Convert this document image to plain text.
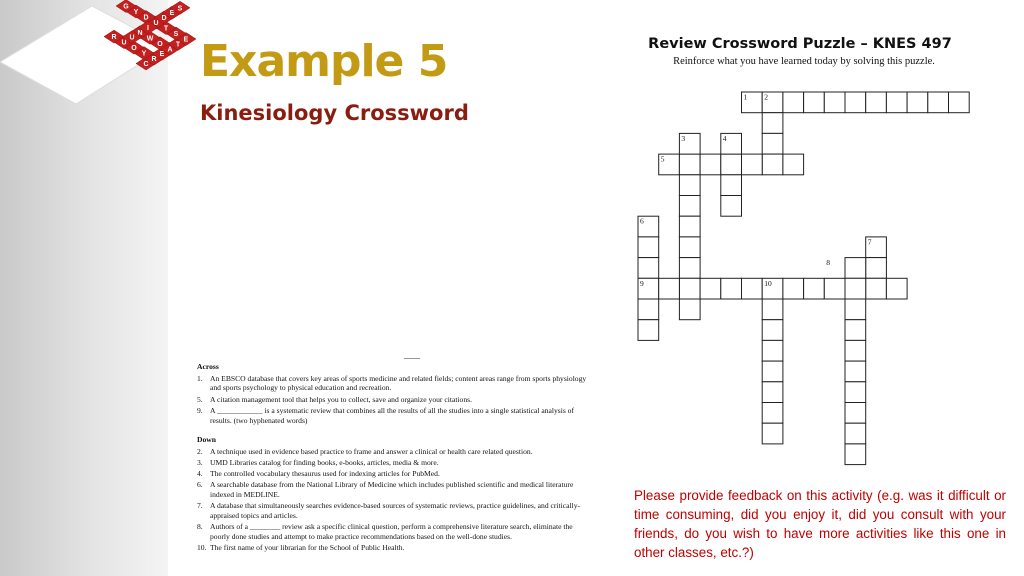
C
R
E
A
T
E
Y
O
U
R
O
W
N	S
T
U
D
Y
G
U
I
D
E
S
Example 5
Kinesiology Crossword
Across
1. An EBSCO database that covers key areas of sports medicine and related fields; content areas range from sports physiology and sports psychology to physical education and recreation.
5. A citation management tool that helps you to collect, save and organize your citations.
9. A ____________ is a systematic review that combines all the results of all the studies into a single statistical analysis of results. (two hyphenated words)
Down
2. A technique used in evidence based practice to frame and answer a clinical or health care related question.
3. UMD Libraries catalog for finding books, e-books, articles, media & more.
4. The controlled vocabulary thesaurus used for indexing articles for PubMed.
6. A searchable database from the National Library of Medicine which includes published scientific and medical literature indexed in MEDLINE.
7. A database that simultaneously searches evidence-based sources of systematic reviews, practice guidelines, and critically-appraised topics and articles.
8. Authors of a ________ review ask a specific clinical question, perform a comprehensive literature search, eliminate the poorly done studies and attempt to make practice recommendations based on the well-done studies.
10. The first name of your librarian for the School of Public Health.
Review Crossword Puzzle – KNES 497

Reinforce what you have learned today by solving this puzzle.

1 2
3	4
5
6
7
8
9	10

Please provide feedback on this activity (e.g. was it difficult or time consuming, did you enjoy it, did you consult with your friends, do you wish to have more activities like this one in other classes, etc.?)
